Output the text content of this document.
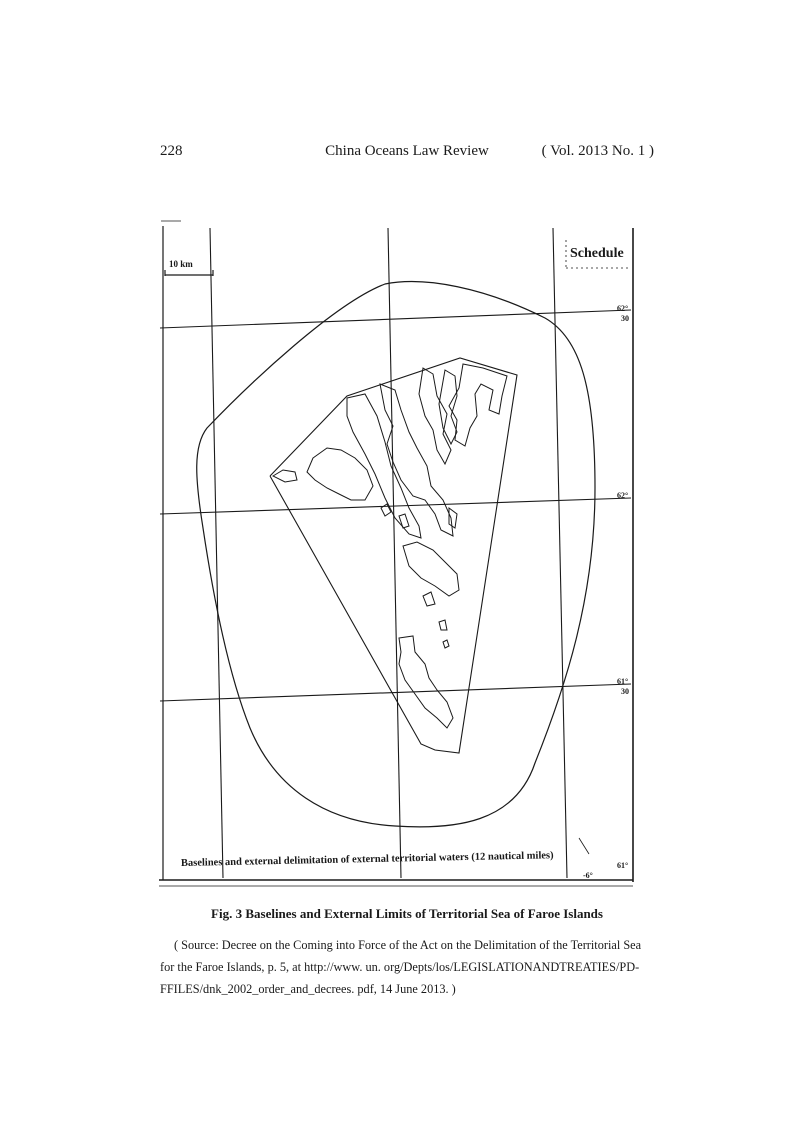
228	China Oceans Law Review	( Vol. 2013 No. 1 )
10 km
Schedule
62°
30
62°
61°
30
61°
-6°
Baselines and external delimitation of external territorial waters (12 nautical miles)
Fig. 3 Baselines and External Limits of Territorial Sea of Faroe Islands
( Source: Decree on the Coming into Force of the Act on the Delimitation of the Territorial Sea
for the Faroe Islands, p. 5, at http://www. un. org/Depts/los/LEGISLATIONANDTREATIES/PD-
FFILES/dnk_2002_order_and_decrees. pdf, 14 June 2013. )
